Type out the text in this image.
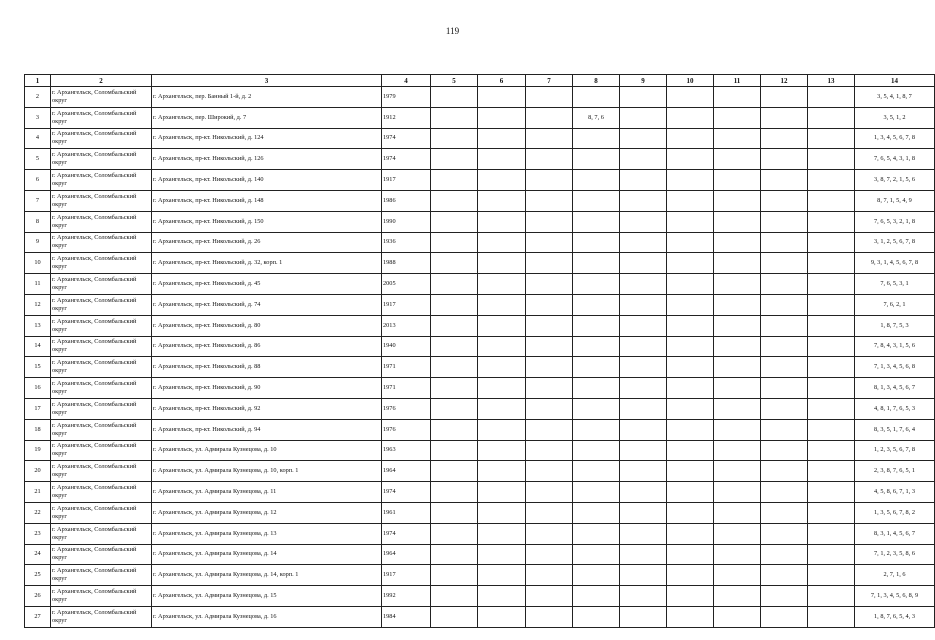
119
1	2	3	4	5	6	7	8	9	10	11	12	13	14
2	г. Архангельск, Соломбальский округ	г. Архангельск, пер. Банный 1-й, д. 2	1979										3, 5, 4, 1, 8, 7
3	г. Архангельск, Соломбальский округ	г. Архангельск, пер. Широкий, д. 7	1912				8, 7, 6						3, 5, 1, 2
4	г. Архангельск, Соломбальский округ	г. Архангельск, пр-кт. Никольский, д. 124	1974										1, 3, 4, 5, 6, 7, 8
5	г. Архангельск, Соломбальский округ	г. Архангельск, пр-кт. Никольский, д. 126	1974										7, 6, 5, 4, 3, 1, 8
6	г. Архангельск, Соломбальский округ	г. Архангельск, пр-кт. Никольский, д. 140	1917										3, 8, 7, 2, 1, 5, 6
7	г. Архангельск, Соломбальский округ	г. Архангельск, пр-кт. Никольский, д. 148	1986										8, 7, 1, 5, 4, 9
8	г. Архангельск, Соломбальский округ	г. Архангельск, пр-кт. Никольский, д. 150	1990										7, 6, 5, 3, 2, 1, 8
9	г. Архангельск, Соломбальский округ	г. Архангельск, пр-кт. Никольский, д. 26	1936										3, 1, 2, 5, 6, 7, 8
10	г. Архангельск, Соломбальский округ	г. Архангельск, пр-кт. Никольский, д. 32, корп. 1	1988										9, 3, 1, 4, 5, 6, 7, 8
11	г. Архангельск, Соломбальский округ	г. Архангельск, пр-кт. Никольский, д. 45	2005										7, 6, 5, 3, 1
12	г. Архангельск, Соломбальский округ	г. Архангельск, пр-кт. Никольский, д. 74	1917										7, 6, 2, 1
13	г. Архангельск, Соломбальский округ	г. Архангельск, пр-кт. Никольский, д. 80	2013										1, 8, 7, 5, 3
14	г. Архангельск, Соломбальский округ	г. Архангельск, пр-кт. Никольский, д. 86	1940										7, 8, 4, 3, 1, 5, 6
15	г. Архангельск, Соломбальский округ	г. Архангельск, пр-кт. Никольский, д. 88	1971										7, 1, 3, 4, 5, 6, 8
16	г. Архангельск, Соломбальский округ	г. Архангельск, пр-кт. Никольский, д. 90	1971										8, 1, 3, 4, 5, 6, 7
17	г. Архангельск, Соломбальский округ	г. Архангельск, пр-кт. Никольский, д. 92	1976										4, 8, 1, 7, 6, 5, 3
18	г. Архангельск, Соломбальский округ	г. Архангельск, пр-кт. Никольский, д. 94	1976										8, 3, 5, 1, 7, 6, 4
19	г. Архангельск, Соломбальский округ	г. Архангельск, ул. Адмирала Кузнецова, д. 10	1963										1, 2, 3, 5, 6, 7, 8
20	г. Архангельск, Соломбальский округ	г. Архангельск, ул. Адмирала Кузнецова, д. 10, корп. 1	1964										2, 3, 8, 7, 6, 5, 1
21	г. Архангельск, Соломбальский округ	г. Архангельск, ул. Адмирала Кузнецова, д. 11	1974										4, 5, 8, 6, 7, 1, 3
22	г. Архангельск, Соломбальский округ	г. Архангельск, ул. Адмирала Кузнецова, д. 12	1961										1, 3, 5, 6, 7, 8, 2
23	г. Архангельск, Соломбальский округ	г. Архангельск, ул. Адмирала Кузнецова, д. 13	1974										8, 3, 1, 4, 5, 6, 7
24	г. Архангельск, Соломбальский округ	г. Архангельск, ул. Адмирала Кузнецова, д. 14	1964										7, 1, 2, 3, 5, 8, 6
25	г. Архангельск, Соломбальский округ	г. Архангельск, ул. Адмирала Кузнецова, д. 14, корп. 1	1917										2, 7, 1, 6
26	г. Архангельск, Соломбальский округ	г. Архангельск, ул. Адмирала Кузнецова, д. 15	1992										7, 1, 3, 4, 5, 6, 8, 9
27	г. Архангельск, Соломбальский округ	г. Архангельск, ул. Адмирала Кузнецова, д. 16	1984										1, 8, 7, 6, 5, 4, 3
